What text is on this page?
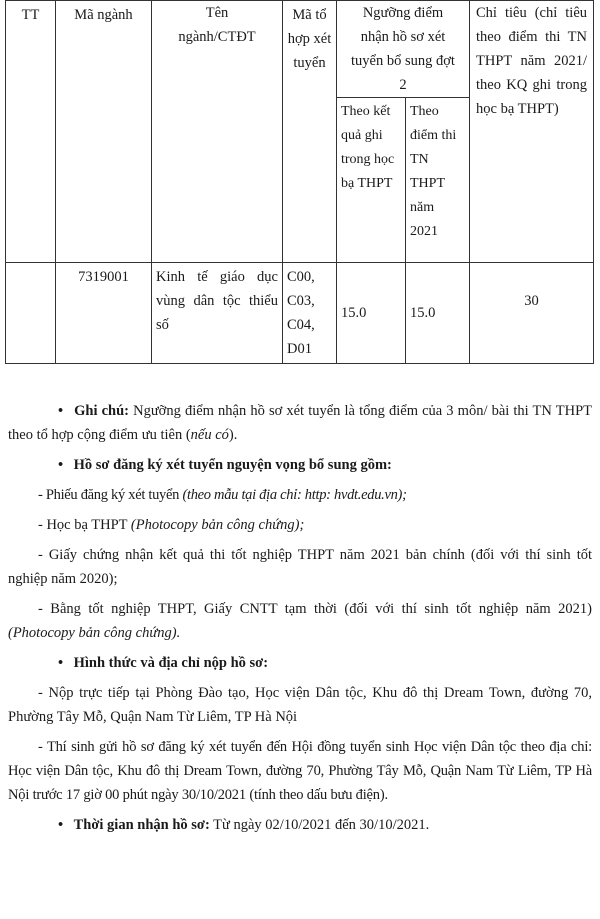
TT	Mã ngành	Tên ngành/CTĐT	Mã tổ hợp xét tuyển	Ngưỡng điểm nhận hồ sơ xét tuyển bổ sung đợt 2		Chỉ tiêu (chỉ tiêu theo điểm thi TN THPT năm 2021/ theo KQ ghi trong học bạ THPT)
				Theo kết quả ghi trong học bạ THPT	Theo điểm thi TN THPT năm 2021	
	7319001	Kinh tế giáo dục vùng dân tộc thiểu số	C00, C03, C04, D01	15.0	15.0	30

• Ghi chú: Ngưỡng điểm nhận hồ sơ xét tuyển là tổng điểm của 3 môn/ bài thi TN THPT theo tổ hợp cộng điểm ưu tiên (nếu có).

• Hồ sơ đăng ký xét tuyển nguyện vọng bổ sung gồm:

- Phiếu đăng ký xét tuyển (theo mẫu tại địa chỉ: http: hvdt.edu.vn);

- Học bạ THPT (Photocopy bản công chứng);

- Giấy chứng nhận kết quả thi tốt nghiệp THPT năm 2021 bản chính (đối với thí sinh tốt nghiệp năm 2020);

- Bằng tốt nghiệp THPT, Giấy CNTT tạm thời (đối với thí sinh tốt nghiệp năm 2021) (Photocopy bản công chứng).

• Hình thức và địa chỉ nộp hồ sơ:

- Nộp trực tiếp tại Phòng Đào tạo, Học viện Dân tộc, Khu đô thị Dream Town, đường 70, Phường Tây Mỗ, Quận Nam Từ Liêm, TP Hà Nội

- Thí sinh gửi hồ sơ đăng ký xét tuyển đến Hội đồng tuyển sinh Học viện Dân tộc theo địa chỉ: Học viện Dân tộc, Khu đô thị Dream Town, đường 70, Phường Tây Mỗ, Quận Nam Từ Liêm, TP Hà Nội trước 17 giờ 00 phút ngày 30/10/2021 (tính theo dấu bưu điện).

• Thời gian nhận hồ sơ: Từ ngày 02/10/2021 đến 30/10/2021.
